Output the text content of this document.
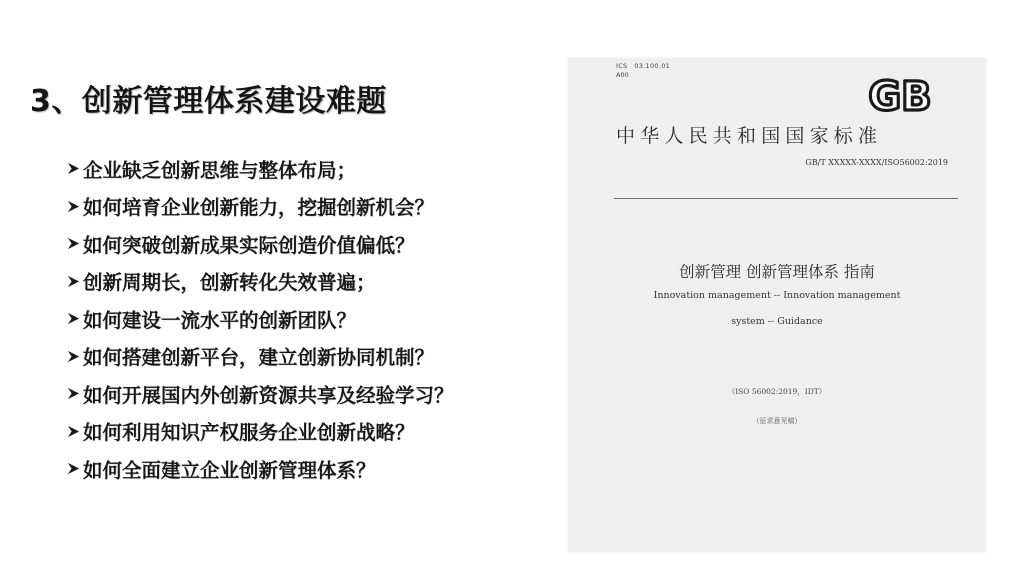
3、创新管理体系建设难题
企业缺乏创新思维与整体布局；
如何培育企业创新能力，挖掘创新机会？
如何突破创新成果实际创造价值偏低？
创新周期长，创新转化失效普遍；
如何建设一流水平的创新团队？
如何搭建创新平台，建立创新协同机制？
如何开展国内外创新资源共享及经验学习？
如何利用知识产权服务企业创新战略？
如何全面建立企业创新管理体系？
ICS　03.100.01
A00	GB
中华人民共和国国家标准
GB/T XXXXX-XXXX/ISO56002:2019
创新管理 创新管理体系 指南
Innovation management -- Innovation management
system -- Guidance
（ISO 56002:2019，IDT）
（征求意见稿）
